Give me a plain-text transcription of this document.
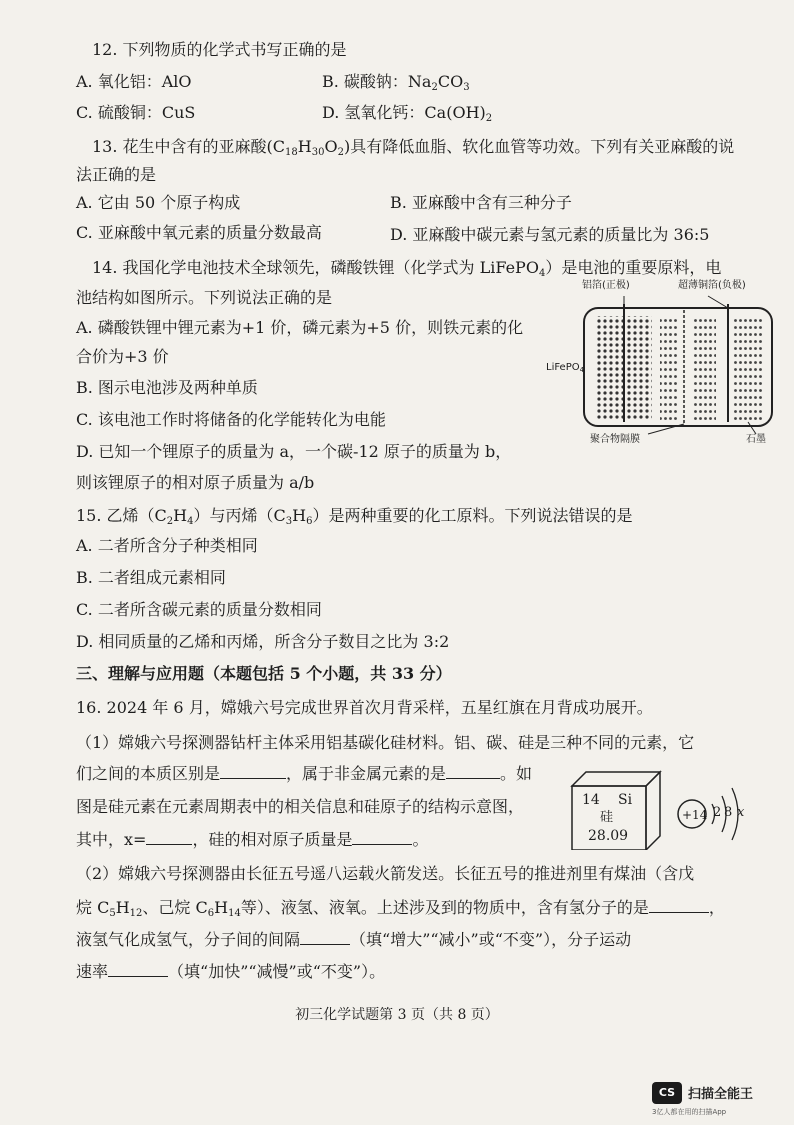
12. 下列物质的化学式书写正确的是
A. 氧化铝：AlO	B. 碳酸钠：$Na_2CO_3$
C. 硫酸铜：CuS	D. 氢氧化钙：$Ca(OH)_2$
13. 花生中含有的亚麻酸$(C_{18}H_{30}O_2)$具有降低血脂、软化血管等功效。下列有关亚麻酸的说
法正确的是
A. 它由 50 个原子构成	B. 亚麻酸中含有三种分子
C. 亚麻酸中氧元素的质量分数最高	D. 亚麻酸中碳元素与氢元素的质量比为 36:5
14. 我国化学电池技术全球领先，磷酸铁锂（化学式为 LiFePO$_4$）是电池的重要原料，电
池结构如图所示。下列说法正确的是
A. 磷酸铁锂中锂元素为+1 价，磷元素为+5 价，则铁元素的化
合价为+3 价
B. 图示电池涉及两种单质
C. 该电池工作时将储备的化学能转化为电能
D. 已知一个锂原子的质量为 a，一个碳-12 原子的质量为 b，
则该锂原子的相对原子质量为 a/b
铝箔(正极)	超薄铜箔(负极)
LiFePO$_4$
聚合物隔膜	石墨
15. 乙烯$(C_2H_4)$与丙烯$(C_3H_6)$是两种重要的化工原料。下列说法错误的是
A. 二者所含分子种类相同
B. 二者组成元素相同
C. 二者所含碳元素的质量分数相同
D. 相同质量的乙烯和丙烯，所含分子数目之比为 3:2
三、理解与应用题（本题包括 5 个小题，共 33 分）
16. 2024 年 6 月，嫦娥六号完成世界首次月背采样，五星红旗在月背成功展开。
（1）嫦娥六号探测器钻杆主体采用铝基碳化硅材料。铝、碳、硅是三种不同的元素，它
们之间的本质区别是	，属于非金属元素的是	。如
图是硅元素在元素周期表中的相关信息和硅原子的结构示意图，
其中，x=	，硅的相对原子质量是	。
14 Si
硅
28.09
+14 2 8 x
（2）嫦娥六号探测器由长征五号遥八运载火箭发送。长征五号的推进剂里有煤油（含戊
烷 $C_5H_{12}$、己烷 $C_6H_{14}$等）、液氢、液氧。上述涉及到的物质中，含有氢分子的是	，
液氢气化成氢气，分子间的间隔	（填“增大”“减小”或“不变”），分子运动
速率	（填“加快”“减慢”或“不变”）。
初三化学试题第 3 页（共 8 页）
CS 扫描全能王
3亿人都在用的扫描App
